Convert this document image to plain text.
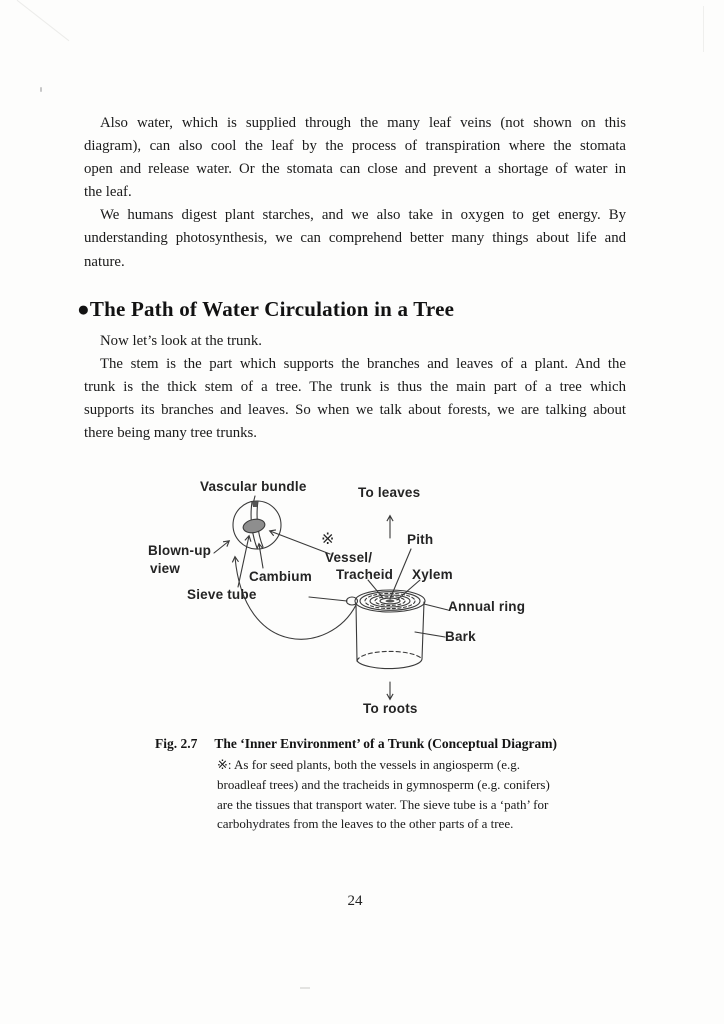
Also water, which is supplied through the many leaf veins (not shown on this
diagram), can also cool the leaf by the process of transpiration where the stomata
open and release water. Or the stomata can close and prevent a shortage of water in
the leaf.
We humans digest plant starches, and we also take in oxygen to get energy. By
understanding photosynthesis, we can comprehend better many things about life and
nature.
●The Path of Water Circulation in a Tree
Now let’s look at the trunk.
The stem is the part which supports the branches and leaves of a plant. And the
trunk is the thick stem of a tree. The trunk is thus the main part of a tree which
supports its branches and leaves. So when we talk about forests, we are talking about
there being many tree trunks.
Vascular bundle	To leaves
※	Pith
Vessel/
Tracheid Xylem
Blown-up
view
Cambium
Sieve tube
Annual ring
Bark
To roots
Fig. 2.7 The ‘Inner Environment’ of a Trunk (Conceptual Diagram)
※: As for seed plants, both the vessels in angiosperm (e.g.
broadleaf trees) and the tracheids in gymnosperm (e.g. conifers)
are the tissues that transport water. The sieve tube is a ‘path’ for
carbohydrates from the leaves to the other parts of a tree.
24
